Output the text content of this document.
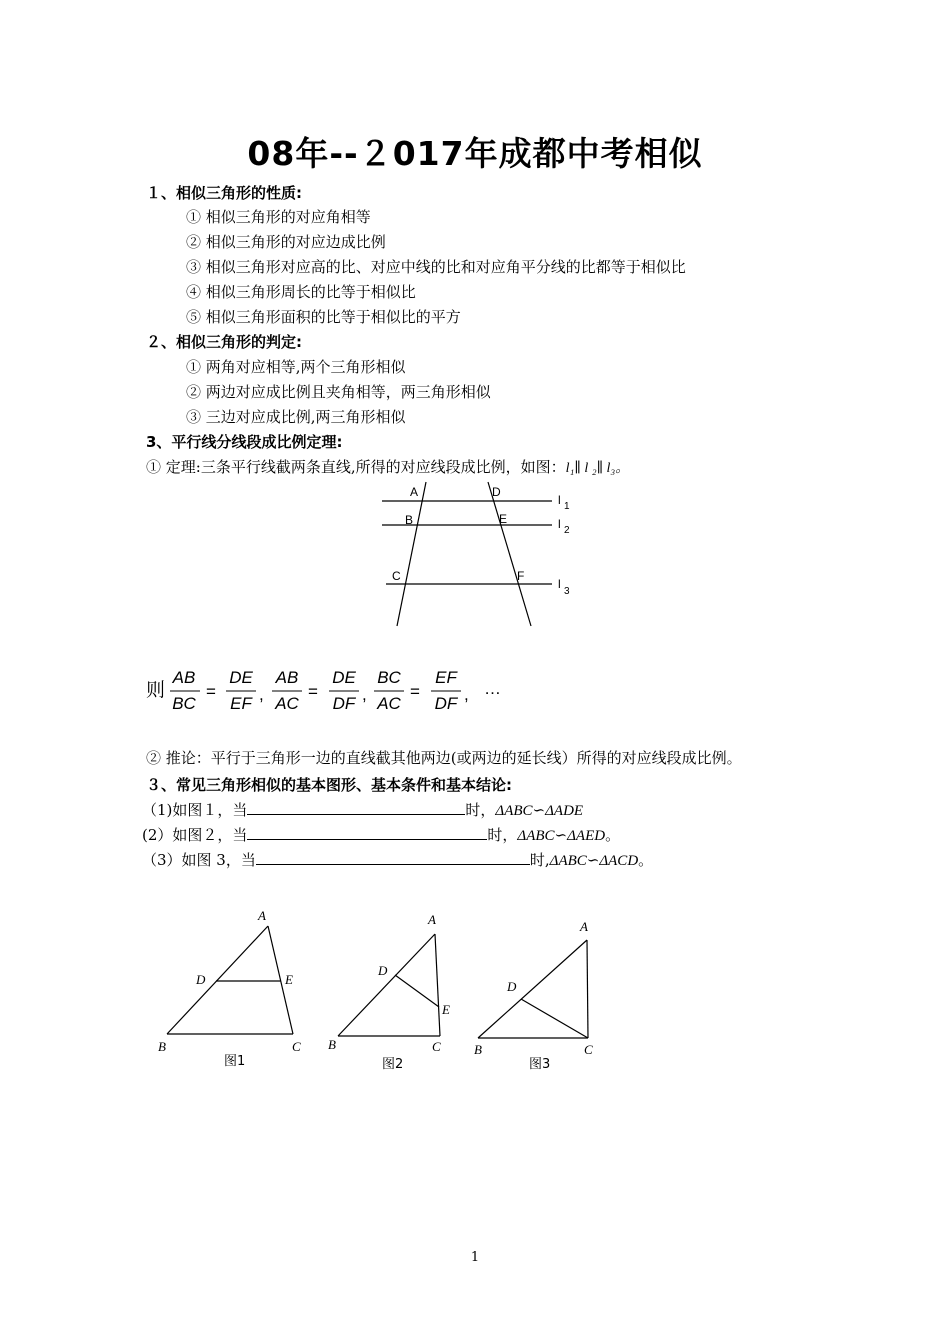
08年--２017年成都中考相似
１、相似三角形的性质:
① 相似三角形的对应角相等
② 相似三角形的对应边成比例
③ 相似三角形对应高的比、对应中线的比和对应角平分线的比都等于相似比
④ 相似三角形周长的比等于相似比
⑤ 相似三角形面积的比等于相似比的平方
２、相似三角形的判定:
① 两角对应相等,两个三角形相似
② 两边对应成比例且夹角相等，两三角形相似
③ 三边对应成比例,两三角形相似
3、平行线分线段成比例定理:
① 定理:三条平行线截两条直线,所得的对应线段成比例，如图：l₁∥ l ₂∥ l₃。
A
B
C
D
E
F
l 1
l 2
l
3
则
AB
BC
DE
EF
AB
AC
DE
DF
BC
AC
EF
DF
=	,	=	,	=	, …
② 推论：平行于三角形一边的直线截其他两边(或两边的延长线）所得的对应线段成比例。
３、常见三角形相似的基本图形、基本条件和基本结论:
（1)如图１，当	时，ΔABC∽ΔADE
(2）如图２，当	时，ΔABC∽ΔAED。
（3）如图 3，当	时,ΔABC∽ΔACD。
A
B	C
D	E
图1
A
B	C
D
E
图2
A
B	C
D
图3
1
